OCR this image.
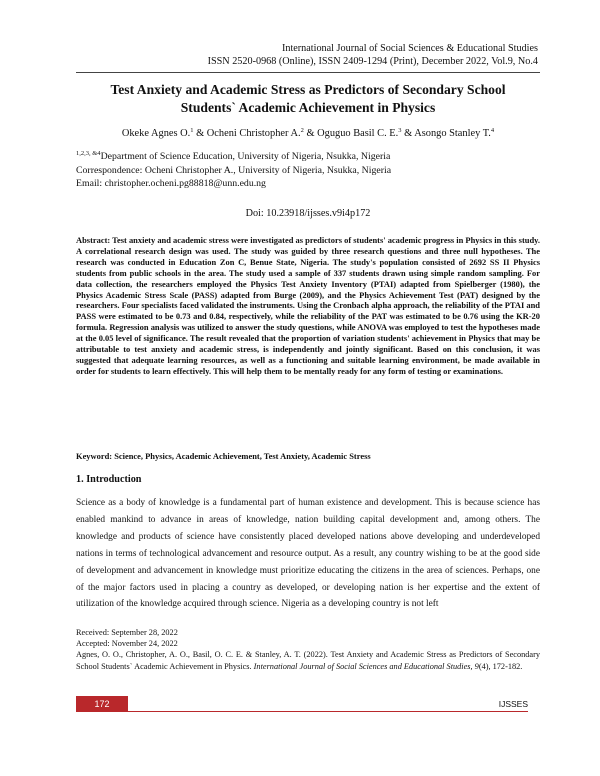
International Journal of Social Sciences & Educational Studies
ISSN 2520-0968 (Online), ISSN 2409-1294 (Print), December 2022, Vol.9, No.4
Test Anxiety and Academic Stress as Predictors of Secondary School
Students` Academic Achievement in Physics
Okeke Agnes O.$^1$ & Ocheni Christopher A.$^2$ & Oguguo Basil C. E.$^3$ & Asongo Stanley T.$^4$
$^{1,2,3, \&4}$Department of Science Education, University of Nigeria, Nsukka, Nigeria
Correspondence: Ocheni Christopher A., University of Nigeria, Nsukka, Nigeria
Email: christopher.ocheni.pg88818@unn.edu.ng
Doi: 10.23918/ijsses.v9i4p172
Abstract: Test anxiety and academic stress were investigated as predictors of students' academic progress in Physics in this study. A correlational research design was used. The study was guided by three research questions and three null hypotheses. The research was conducted in Education Zon C, Benue State, Nigeria. The study's population consisted of 2692 SS II Physics students from public schools in the area. The study used a sample of 337 students drawn using simple random sampling. For data collection, the researchers employed the Physics Test Anxiety Inventory (PTAI) adapted from Spielberger (1980), the Physics Academic Stress Scale (PASS) adapted from Burge (2009), and the Physics Achievement Test (PAT) designed by the researchers. Four specialists faced validated the instruments. Using the Cronbach alpha approach, the reliability of the PTAI and PASS were estimated to be 0.73 and 0.84, respectively, while the reliability of the PAT was estimated to be 0.76 using the KR-20 formula. Regression analysis was utilized to answer the study questions, while ANOVA was employed to test the hypotheses made at the 0.05 level of significance. The result revealed that the proportion of variation students' achievement in Physics that may be attributable to test anxiety and academic stress, is independently and jointly significant. Based on this conclusion, it was suggested that adequate learning resources, as well as a functioning and suitable learning environment, be made available in order for students to learn effectively. This will help them to be mentally ready for any form of testing or examinations.
Keyword: Science, Physics, Academic Achievement, Test Anxiety, Academic Stress
1. Introduction
Science as a body of knowledge is a fundamental part of human existence and development. This is because science has enabled mankind to advance in areas of knowledge, nation building capital development and, among others. The knowledge and products of science have consistently placed developed nations above developing and underdeveloped nations in terms of technological advancement and resource output. As a result, any country wishing to be at the good side of development and advancement in knowledge must prioritize educating the citizens in the area of sciences. Perhaps, one of the major factors used in placing a country as developed, or developing nation is her expertise and the extent of utilization of the knowledge acquired through science. Nigeria as a developing country is not left
Received: September 28, 2022
Accepted: November 24, 2022
Agnes, O. O., Christopher, A. O., Basil, O. C. E. & Stanley, A. T. (2022). Test Anxiety and Academic Stress as Predictors of Secondary School Students` Academic Achievement in Physics. International Journal of Social Sciences and Educational Studies, 9(4), 172-182.
172	IJSSES
